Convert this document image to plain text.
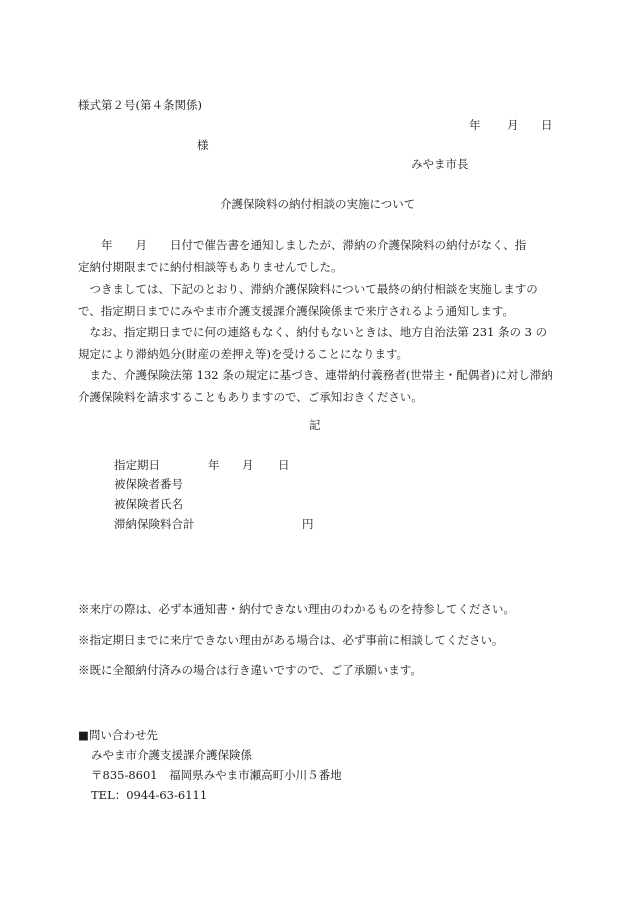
様式第２号(第４条関係)
年 月 日
様
みやま市長
介護保険料の納付相談の実施について
　　年　　月　　日付で催告書を通知しましたが、滞納の介護保険料の納付がなく、指
定納付期限までに納付相談等もありませんでした。
　つきましては、下記のとおり、滞納介護保険料について最終の納付相談を実施しますの
で、指定期日までにみやま市介護支援課介護保険係まで来庁されるよう通知します。
　なお、指定期日までに何の連絡もなく、納付もないときは、地方自治法第 231 条の 3 の
規定により滞納処分(財産の差押え等)を受けることになります。
　また、介護保険法第 132 条の規定に基づき、連帯納付義務者(世帯主・配偶者)に対し滞納
介護保険料を請求することもありますので、ご承知おきください。
記
指定期日	年 月 日
被保険者番号
被保険者氏名
滞納保険料合計	円
※来庁の際は、必ず本通知書・納付できない理由のわかるものを持参してください。
※指定期日までに来庁できない理由がある場合は、必ず事前に相談してください。
※既に全額納付済みの場合は行き違いですので、ご了承願います。
■問い合わせ先
みやま市介護支援課介護保険係
〒835-8601　福岡県みやま市瀬高町小川５番地
TEL：0944-63-6111
